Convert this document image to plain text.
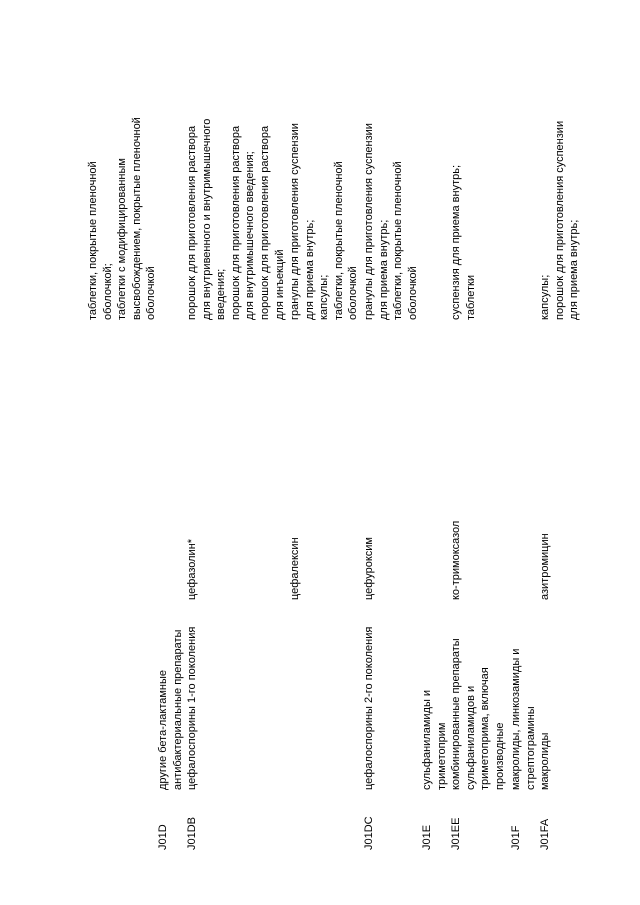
таблетки, покрытые пленочной
оболочкой;
таблетки с модифицированным
высвобождением, покрытые пленочной
оболочкой
J01D
другие бета-лактамные
антибактериальные препараты
J01DB
цефалоспорины 1-го поколения
цефазолин*
порошок для приготовления раствора
для внутривенного и внутримышечного
введения;
порошок для приготовления раствора
для внутримышечного введения;
порошок для приготовления раствора
для инъекций
цефалексин
гранулы для приготовления суспензии
для приема внутрь;
капсулы;
таблетки, покрытые пленочной
оболочкой
J01DC
цефалоспорины 2-го поколения
цефуроксим
гранулы для приготовления суспензии
для приема внутрь;
таблетки, покрытые пленочной
оболочкой
J01E
сульфаниламиды и
триметоприм
J01EE
комбинированные препараты
сульфаниламидов и
триметоприма, включая
производные
ко-тримоксазол
суспензия для приема внутрь;
таблетки
J01F
макролиды, линкозамиды и
стрептограмины
J01FA
макролиды
азитромицин
капсулы;
порошок для приготовления суспензии
для приема внутрь;
